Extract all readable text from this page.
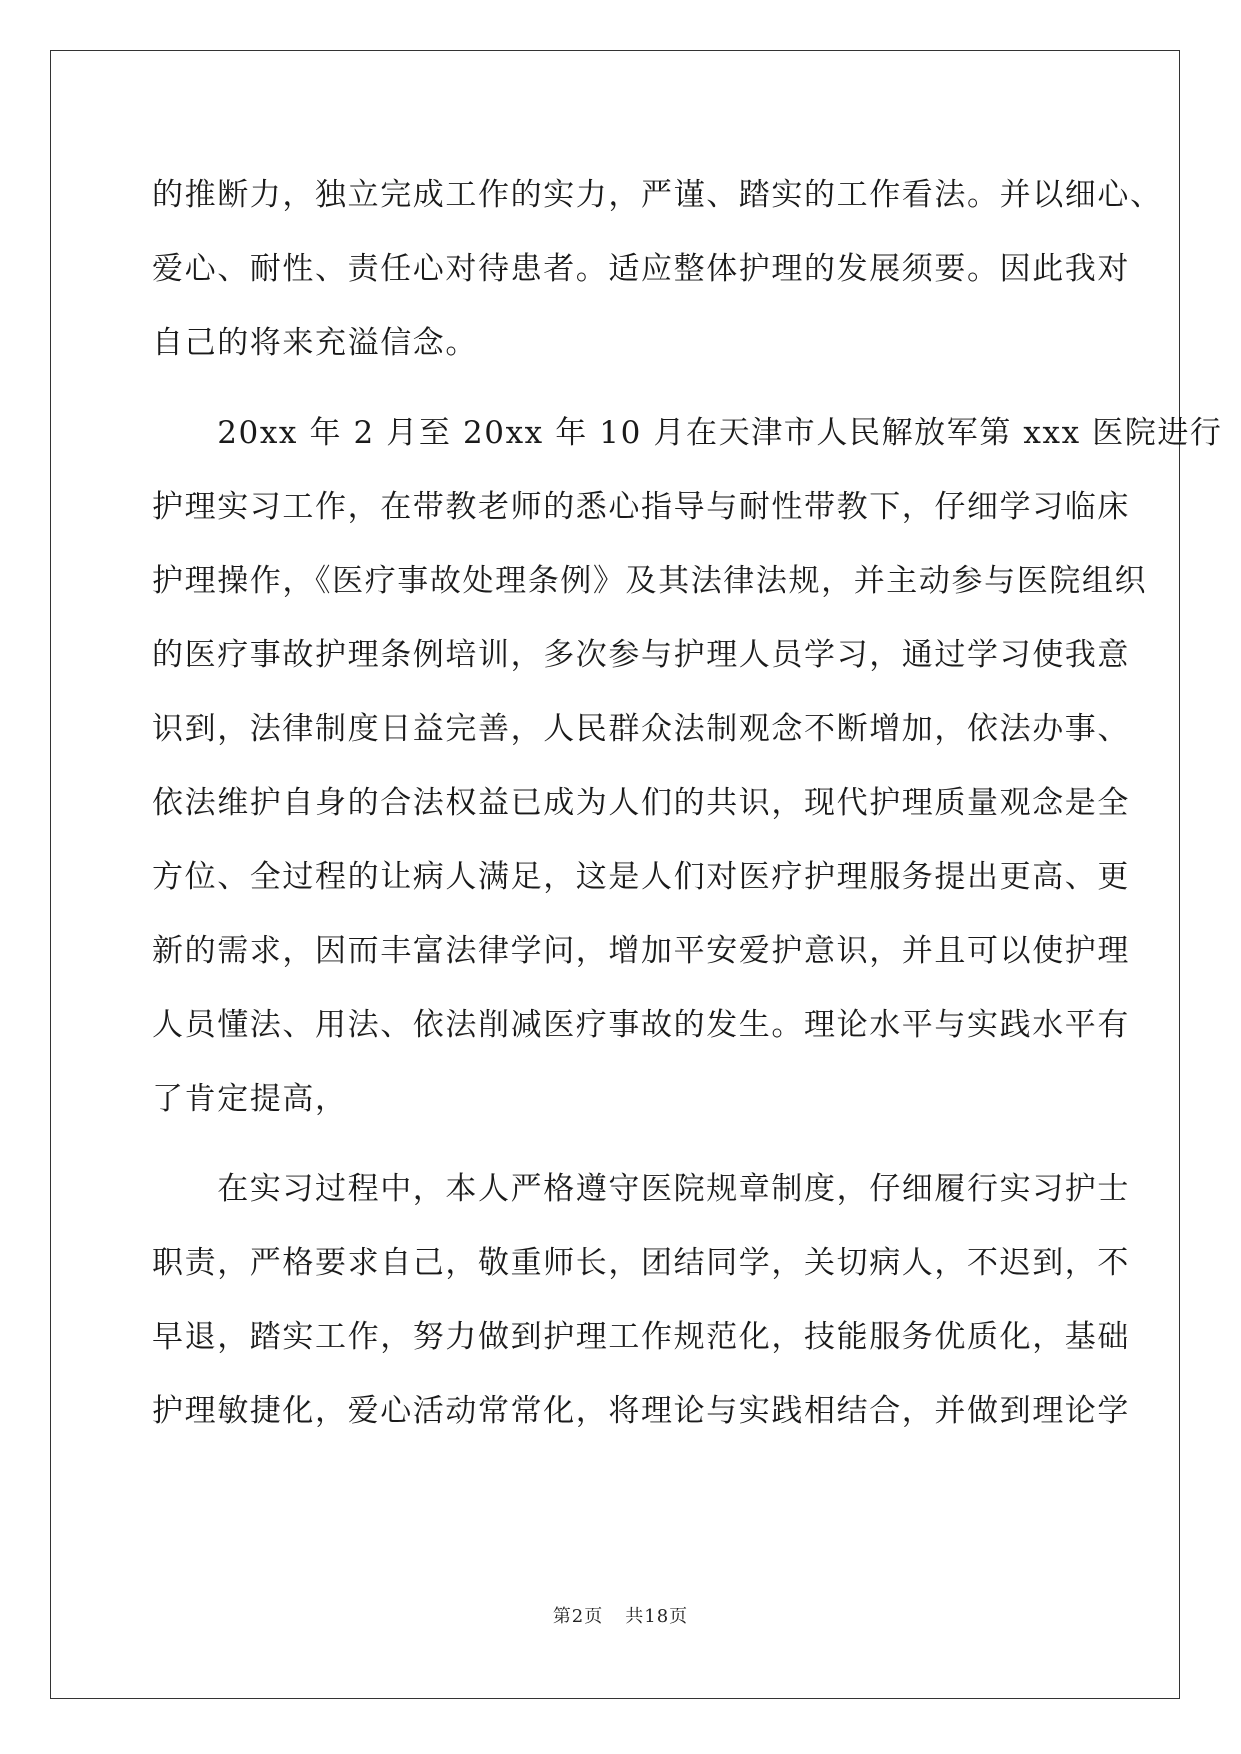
的推断力，独立完成工作的实力，严谨、踏实的工作看法。并以细心、
爱心、耐性、责任心对待患者。适应整体护理的发展须要。因此我对
自己的将来充溢信念。
　　20xx 年 2 月至 20xx 年 10 月在天津市人民解放军第 xxx 医院进行
护理实习工作，在带教老师的悉心指导与耐性带教下，仔细学习临床
护理操作，《医疗事故处理条例》及其法律法规，并主动参与医院组织
的医疗事故护理条例培训，多次参与护理人员学习，通过学习使我意
识到，法律制度日益完善，人民群众法制观念不断增加，依法办事、
依法维护自身的合法权益已成为人们的共识，现代护理质量观念是全
方位、全过程的让病人满足，这是人们对医疗护理服务提出更高、更
新的需求，因而丰富法律学问，增加平安爱护意识，并且可以使护理
人员懂法、用法、依法削减医疗事故的发生。理论水平与实践水平有
了肯定提高，
　　在实习过程中，本人严格遵守医院规章制度，仔细履行实习护士
职责，严格要求自己，敬重师长，团结同学，关切病人，不迟到，不
早退，踏实工作，努力做到护理工作规范化，技能服务优质化，基础
护理敏捷化，爱心活动常常化，将理论与实践相结合，并做到理论学
第2页 共18页
